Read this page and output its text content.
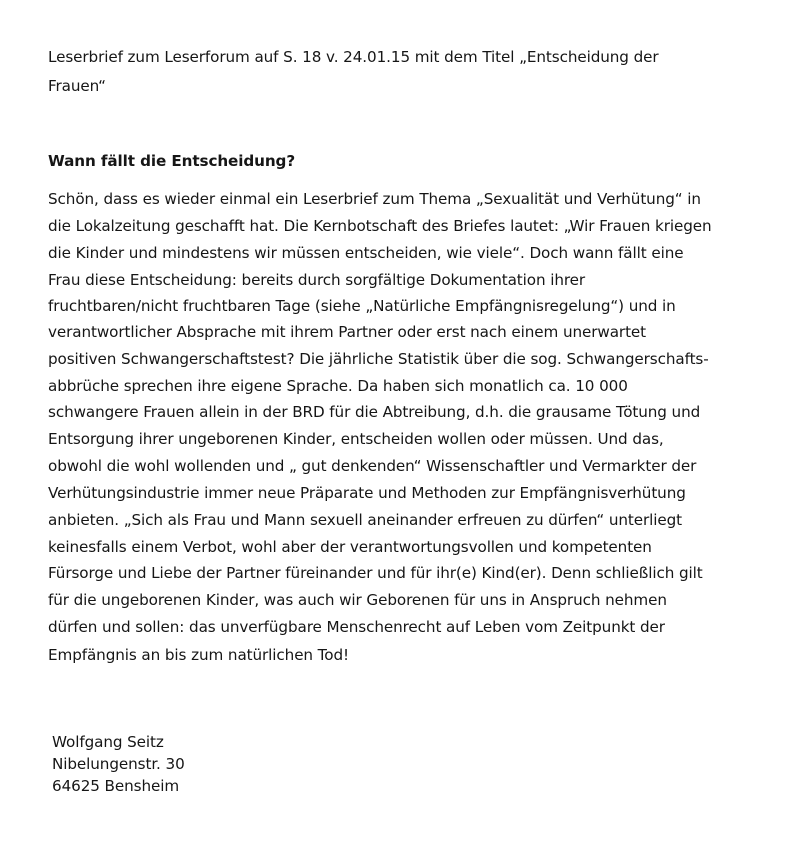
Leserbrief zum Leserforum auf S. 18 v. 24.01.15 mit dem Titel „Entscheidung der
Frauen“
Wann fällt die Entscheidung?
Schön, dass es wieder einmal ein Leserbrief zum Thema „Sexualität und Verhütung“ in
die Lokalzeitung geschafft hat. Die Kernbotschaft des Briefes lautet: „Wir Frauen kriegen
die Kinder und mindestens wir müssen entscheiden, wie viele“. Doch wann fällt eine
Frau diese Entscheidung: bereits durch sorgfältige Dokumentation ihrer
fruchtbaren/nicht fruchtbaren Tage (siehe „Natürliche Empfängnisregelung“) und in
verantwortlicher Absprache mit ihrem Partner oder erst nach einem unerwartet
positiven Schwangerschaftstest? Die jährliche Statistik über die sog. Schwangerschafts-
abbrüche sprechen ihre eigene Sprache. Da haben sich monatlich ca. 10 000
schwangere Frauen allein in der BRD für die Abtreibung, d.h. die grausame Tötung und
Entsorgung ihrer ungeborenen Kinder, entscheiden wollen oder müssen. Und das,
obwohl die wohl wollenden und „ gut denkenden“ Wissenschaftler und Vermarkter der
Verhütungsindustrie immer neue Präparate und Methoden zur Empfängnisverhütung
anbieten. „Sich als Frau und Mann sexuell aneinander erfreuen zu dürfen“ unterliegt
keinesfalls einem Verbot, wohl aber der verantwortungsvollen und kompetenten
Fürsorge und Liebe der Partner füreinander und für ihr(e) Kind(er). Denn schließlich gilt
für die ungeborenen Kinder, was auch wir Geborenen für uns in Anspruch nehmen
dürfen und sollen: das unverfügbare Menschenrecht auf Leben vom Zeitpunkt der
Empfängnis an bis zum natürlichen Tod!
Wolfgang Seitz
Nibelungenstr. 30
64625 Bensheim
